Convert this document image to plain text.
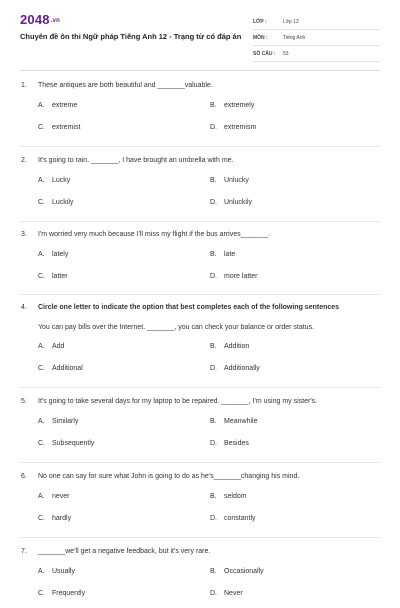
2048.vn
Chuyên đề ôn thi Ngữ pháp Tiếng Anh 12 - Trạng từ có đáp án
LỚP :	Lớp 12
MÔN :	Tiếng Anh
SỐ CÂU :	53
1.	These antiques are both beautiful and _______valuable.
A.	extreme	B.	extremely
C.	extremist	D.	extremism
2.	It's going to rain. _______, I have brought an umbrella with me.
A.	Lucky	B.	Unlucky
C.	Luckily	D.	Unluckily
3.	I'm worried very much because I'll miss my flight if the bus arrives_______.
A.	lately	B.	late
C.	latter	D.	more latter
4.	Circle one letter to indicate the option that best completes each of the following sentences
You can pay bills over the Internet. _______, you can check your balance or order status.
A.	Add	B.	Addition
C.	Additional	D.	Additionally
5.	It's going to take several days for my laptop to be repaired. _______, I'm using my sister's.
A.	Similarly	B.	Meanwhile
C.	Subsequently	D.	Besides
6.	No one can say for sure what John is going to do as he's_______changing his mind.
A.	never	B.	seldom
C.	hardly	D.	constantly
7.	_______we'll get a negative feedback, but it's very rare.
A.	Usually	B.	Occasionally
C.	Frequently	D.	Never
